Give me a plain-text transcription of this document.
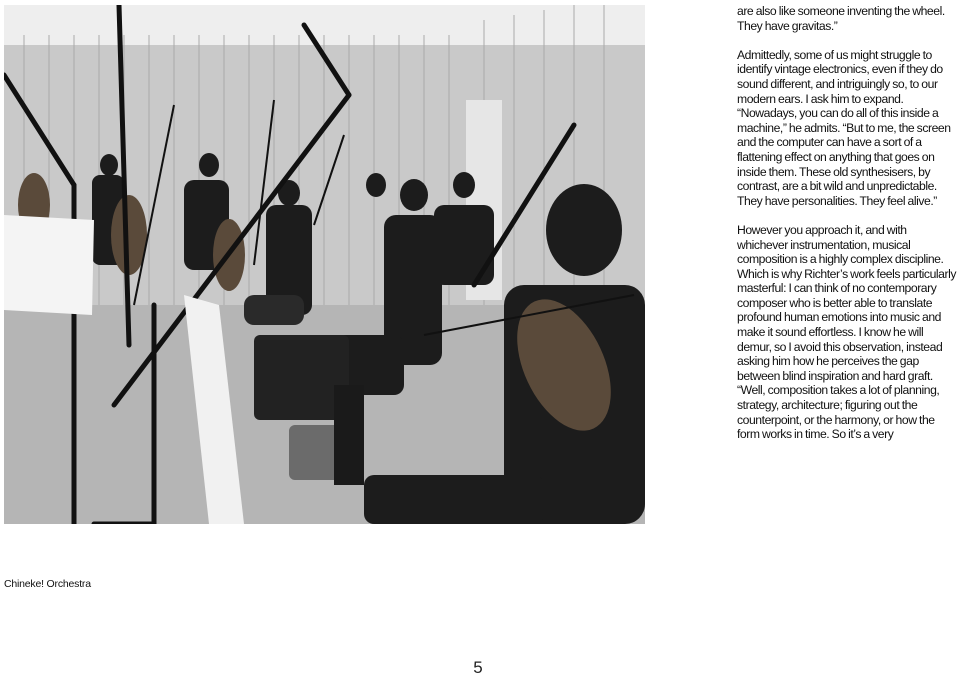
Chineke! Orchestra

are also like someone inventing the wheel. They have gravitas.”

Admittedly, some of us might struggle to identify vintage electronics, even if they do sound different, and intriguingly so, to our modern ears. I ask him to expand. “Nowadays, you can do all of this inside a machine,” he admits. “But to me, the screen and the computer can have a sort of a flattening effect on anything that goes on inside them. These old synthesisers, by contrast, are a bit wild and unpredictable. They have personalities. They feel alive.”

However you approach it, and with whichever instrumentation, musical composition is a highly complex discipline. Which is why Richter’s work feels particularly masterful: I can think of no contemporary composer who is better able to translate profound human emotions into music and make it sound effortless. I know he will demur, so I avoid this observation, instead asking him how he perceives the gap between blind inspiration and hard graft. “Well, composition takes a lot of planning, strategy, architecture; figuring out the counterpoint, or the harmony, or how the form works in time. So it’s a very

5
